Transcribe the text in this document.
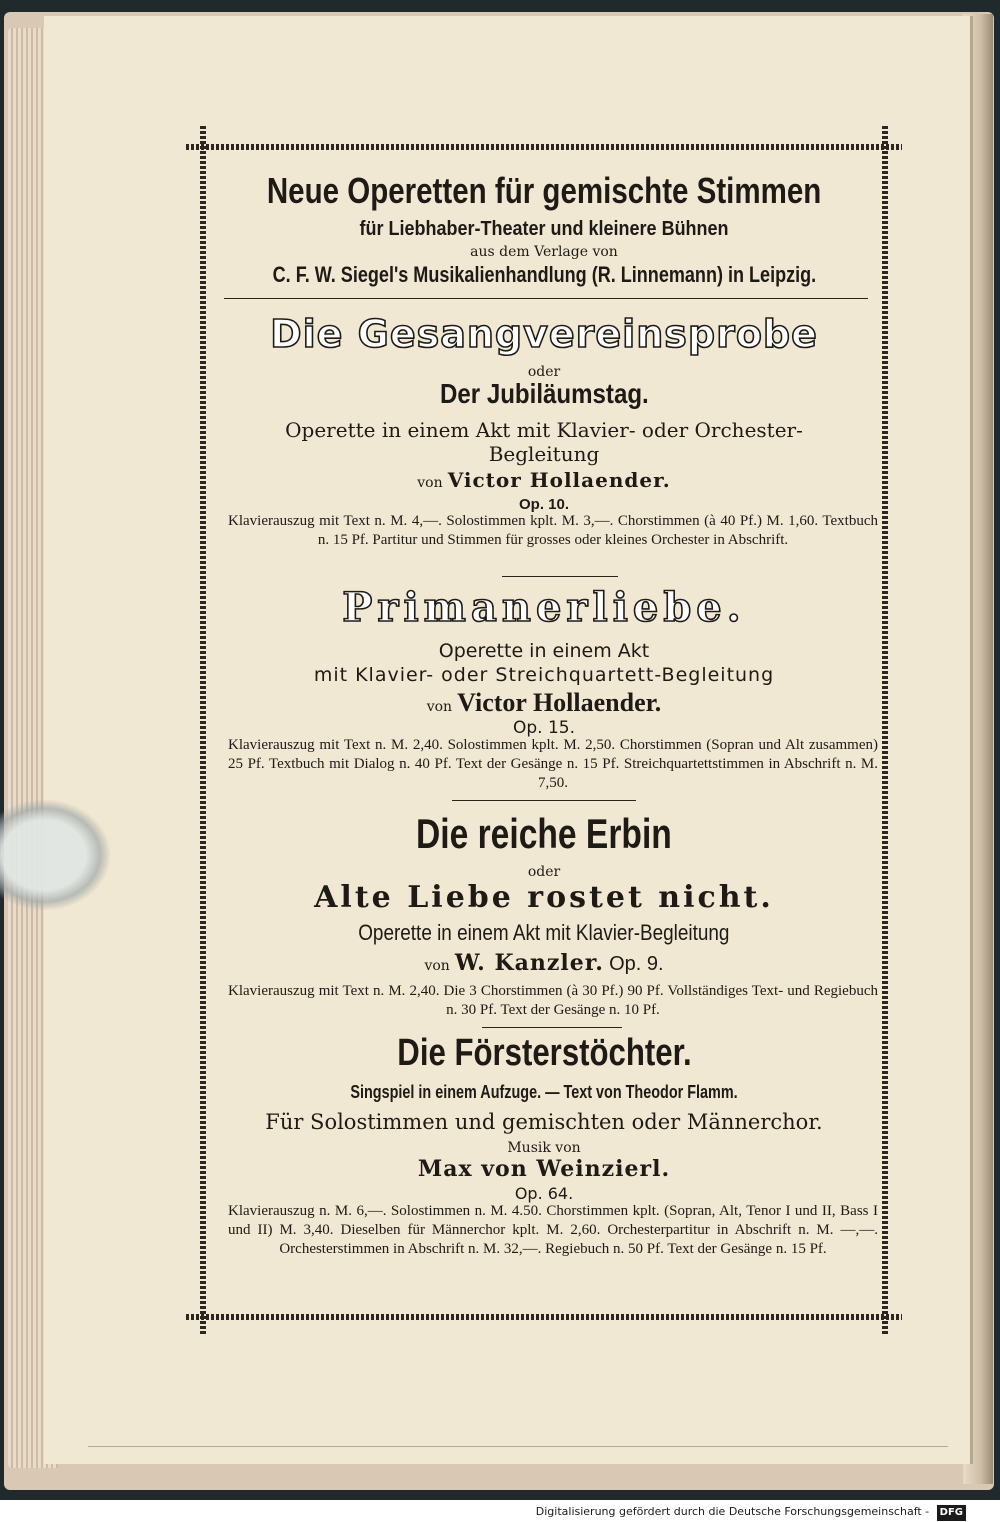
Neue Operetten für gemischte Stimmen
für Liebhaber-Theater und kleinere Bühnen
aus dem Verlage von
C. F. W. Siegel's Musikalienhandlung (R. Linnemann) in Leipzig.
Die Gesangvereinsprobe
oder
Der Jubiläumstag.
Operette in einem Akt mit Klavier- oder Orchester-
Begleitung
von Victor Hollaender.
Op. 10.
Klavierauszug mit Text n. M. 4,—. Solostimmen kplt. M. 3,—. Chorstimmen (à 40 Pf.) M. 1,60. Textbuch n. 15 Pf. Partitur und Stimmen für grosses oder kleines Orchester in Abschrift.
Primanerliebe.
Operette in einem Akt
mit Klavier- oder Streichquartett-Begleitung
von Victor Hollaender.
Op. 15.
Klavierauszug mit Text n. M. 2,40. Solostimmen kplt. M. 2,50. Chorstimmen (Sopran und Alt zusammen) 25 Pf. Textbuch mit Dialog n. 40 Pf. Text der Gesänge n. 15 Pf. Streichquartettstimmen in Abschrift n. M. 7,50.
Die reiche Erbin
oder
Alte Liebe rostet nicht.
Operette in einem Akt mit Klavier-Begleitung
von W. Kanzler. Op. 9.
Klavierauszug mit Text n. M. 2,40. Die 3 Chorstimmen (à 30 Pf.) 90 Pf. Vollständiges Text- und Regiebuch n. 30 Pf. Text der Gesänge n. 10 Pf.
Die Försterstöchter.
Singspiel in einem Aufzuge. — Text von Theodor Flamm.
Für Solostimmen und gemischten oder Männerchor.
Musik von
Max von Weinzierl.
Op. 64.
Klavierauszug n. M. 6,—. Solostimmen n. M. 4.50. Chorstimmen kplt. (Sopran, Alt, Tenor I und II, Bass I und II) M. 3,40. Dieselben für Männerchor kplt. M. 2,60. Orchesterpartitur in Abschrift n. M. —,—. Orchesterstimmen in Abschrift n. M. 32,—. Regiebuch n. 50 Pf. Text der Gesänge n. 15 Pf.
Digitalisierung gefördert durch die Deutsche Forschungsgemeinschaft - DFG
